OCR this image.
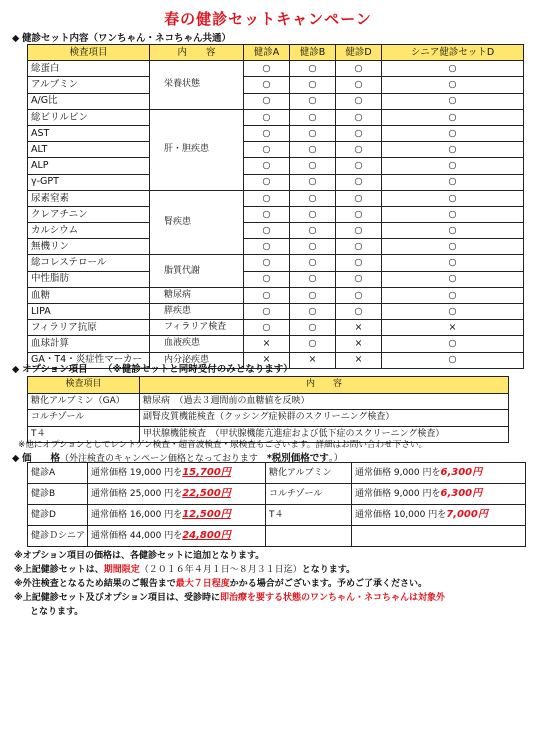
春の健診セットキャンペーン
◆ 健診セット内容（ワンちゃん・ネコちゃん共通）
検査項目	内　　容	健診A	健診B	健診D	シニア健診セットD
総蛋白	栄養状態	○	○	○	○
アルブミン		○	○	○	○
A/G比		○	○	○	○
総ビリルビン	肝・胆疾患	○	○	○	○
AST		○	○	○	○
ALT		○	○	○	○
ALP		○	○	○	○
γ-GPT		○	○	○	○
尿素窒素	腎疾患	○	○	○	○
クレアチニン		○	○	○	○
カルシウム		○	○	○	○
無機リン		○	○	○	○
総コレステロール	脂質代謝	○	○	○	○
中性脂肪		○	○	○	○
血糖	糖尿病	○	○	○	○
LIPA	膵疾患	○	○	○	○
フィラリア抗原	フィラリア検査	○	○	×	×
血球計算	血液疾患	×	○	×	○
GA・T4・炎症性マーカー	内分泌疾患	×	×	×	○
◆ オプション項目 （※健診セットと同時受付のみとなります）
検査項目	内　　容
糖化アルブミン（GA）	糖尿病　（過去３週間前の血糖値を反映）
コルチゾール	副腎皮質機能検査（クッシング症候群のスクリーニング検査）
T４	甲状腺機能検査　（甲状腺機能亢進症および低下症のスクリーニング検査）
※他にオプションとしてレントゲン検査・超音波検査・尿検査もございます。詳細はお問い合わせ下さい。
◆ 価　　格（外注検査のキャンペーン価格となっております　*税別価格です。）
健診A	通常価格 19,000 円を15,700円	糖化アルブミン	通常価格 9,000 円を6,300円
健診B	通常価格 25,000 円を22,500円	コルチゾール	通常価格 9,000 円を6,300円
健診D	通常価格 16,000 円を12,500円	T４	通常価格 10,000 円を7,000円
健診Ｄシニア	通常価格 44,000 円を24,800円		
※オプション項目の価格は、各健診セットに追加となります。
※上記健診セットは、期間限定（２０１６年４月１日～８月３１日迄）となります。
※外注検査となるため結果のご報告まで最大７日程度かかる場合がございます。予めご了承ください。
※上記健診セット及びオプション項目は、受診時に即治療を要する状態のワンちゃん・ネコちゃんは対象外
となります。
